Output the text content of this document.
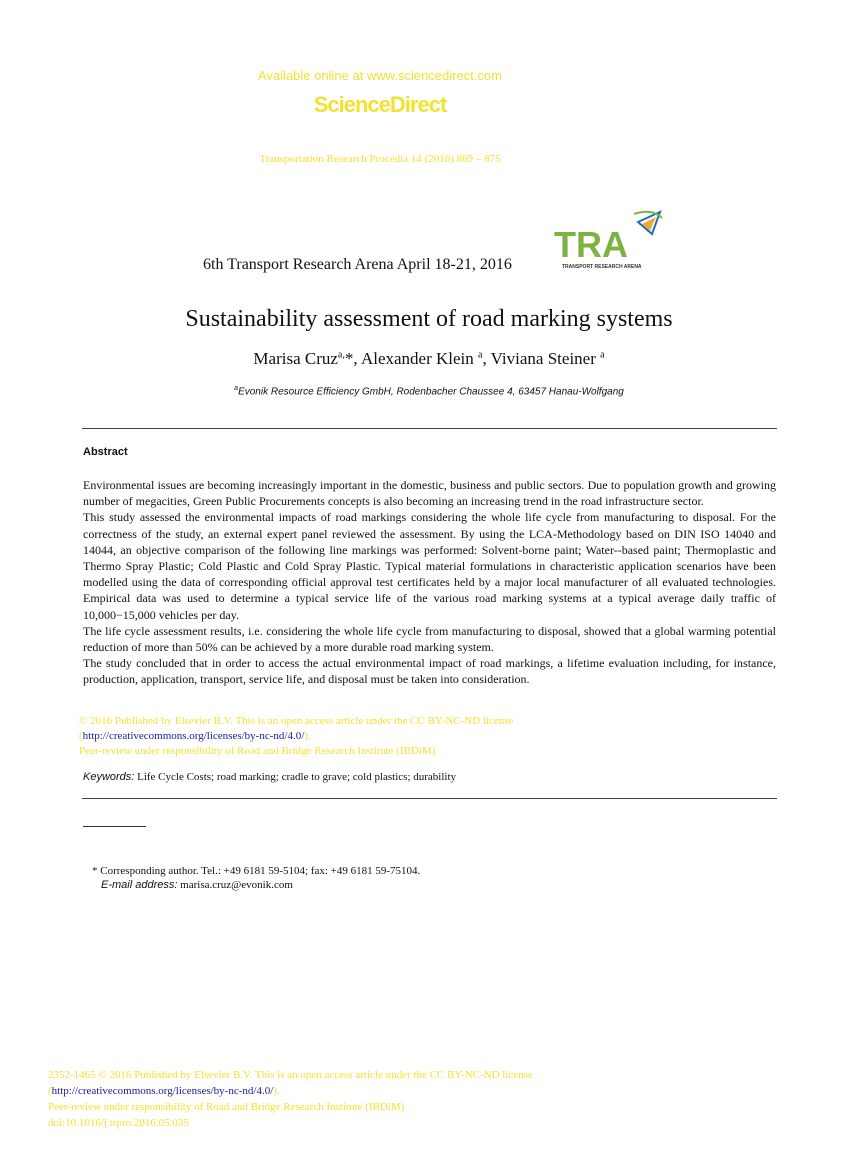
Available online at www.sciencedirect.com
ScienceDirect
Transportation Research Procedia 14 (2016) 869 – 875
6th Transport Research Arena April 18-21, 2016 TRA
TRANSPORT RESEARCH ARENA
Sustainability assessment of road marking systems
Marisa Cruz$^{a,}$*, Alexander Klein $^a$, Viviana Steiner $^a$
$^a$Evonik Resource Efficiency GmbH, Rodenbacher Chaussee 4, 63457 Hanau-Wolfgang
Abstract

Environmental issues are becoming increasingly important in the domestic, business and public sectors. Due to population growth and growing number of megacities, Green Public Procurements concepts is also becoming an increasing trend in the road infrastructure sector.

This study assessed the environmental impacts of road markings considering the whole life cycle from manufacturing to disposal. For the correctness of the study, an external expert panel reviewed the assessment. By using the LCA-Methodology based on DIN ISO 14040 and 14044, an objective comparison of the following line markings was performed: Solvent-borne paint; Water--based paint; Thermoplastic and Thermo Spray Plastic; Cold Plastic and Cold Spray Plastic. Typical material formulations in characteristic application scenarios have been modelled using the data of corresponding official approval test certificates held by a major local manufacturer of all evaluated technologies. Empirical data was used to determine a typical service life of the various road marking systems at a typical average daily traffic of 10,000−15,000 vehicles per day.

The life cycle assessment results, i.e. considering the whole life cycle from manufacturing to disposal, showed that a global warming potential reduction of more than 50% can be achieved by a more durable road marking system.

The study concluded that in order to access the actual environmental impact of road markings, a lifetime evaluation including, for instance, production, application, transport, service life, and disposal must be taken into consideration.

© 2016 Published by Elsevier B.V. This is an open access article under the CC BY-NC-ND license
(http://creativecommons.org/licenses/by-nc-nd/4.0/).
Peer-review under responsibility of Road and Bridge Research Institute (IBDiM)
Keywords: Life Cycle Costs; road marking; cradle to grave; cold plastics; durability
* Corresponding author. Tel.: +49 6181 59-5104; fax: +49 6181 59-75104.
E-mail address: marisa.cruz@evonik.com
2352-1465 © 2016 Published by Elsevier B.V. This is an open access article under the CC BY-NC-ND license
(http://creativecommons.org/licenses/by-nc-nd/4.0/).
Peer-review under responsibility of Road and Bridge Research Institute (IBDiM)
doi:10.1016/j.trpro.2016.05.035
